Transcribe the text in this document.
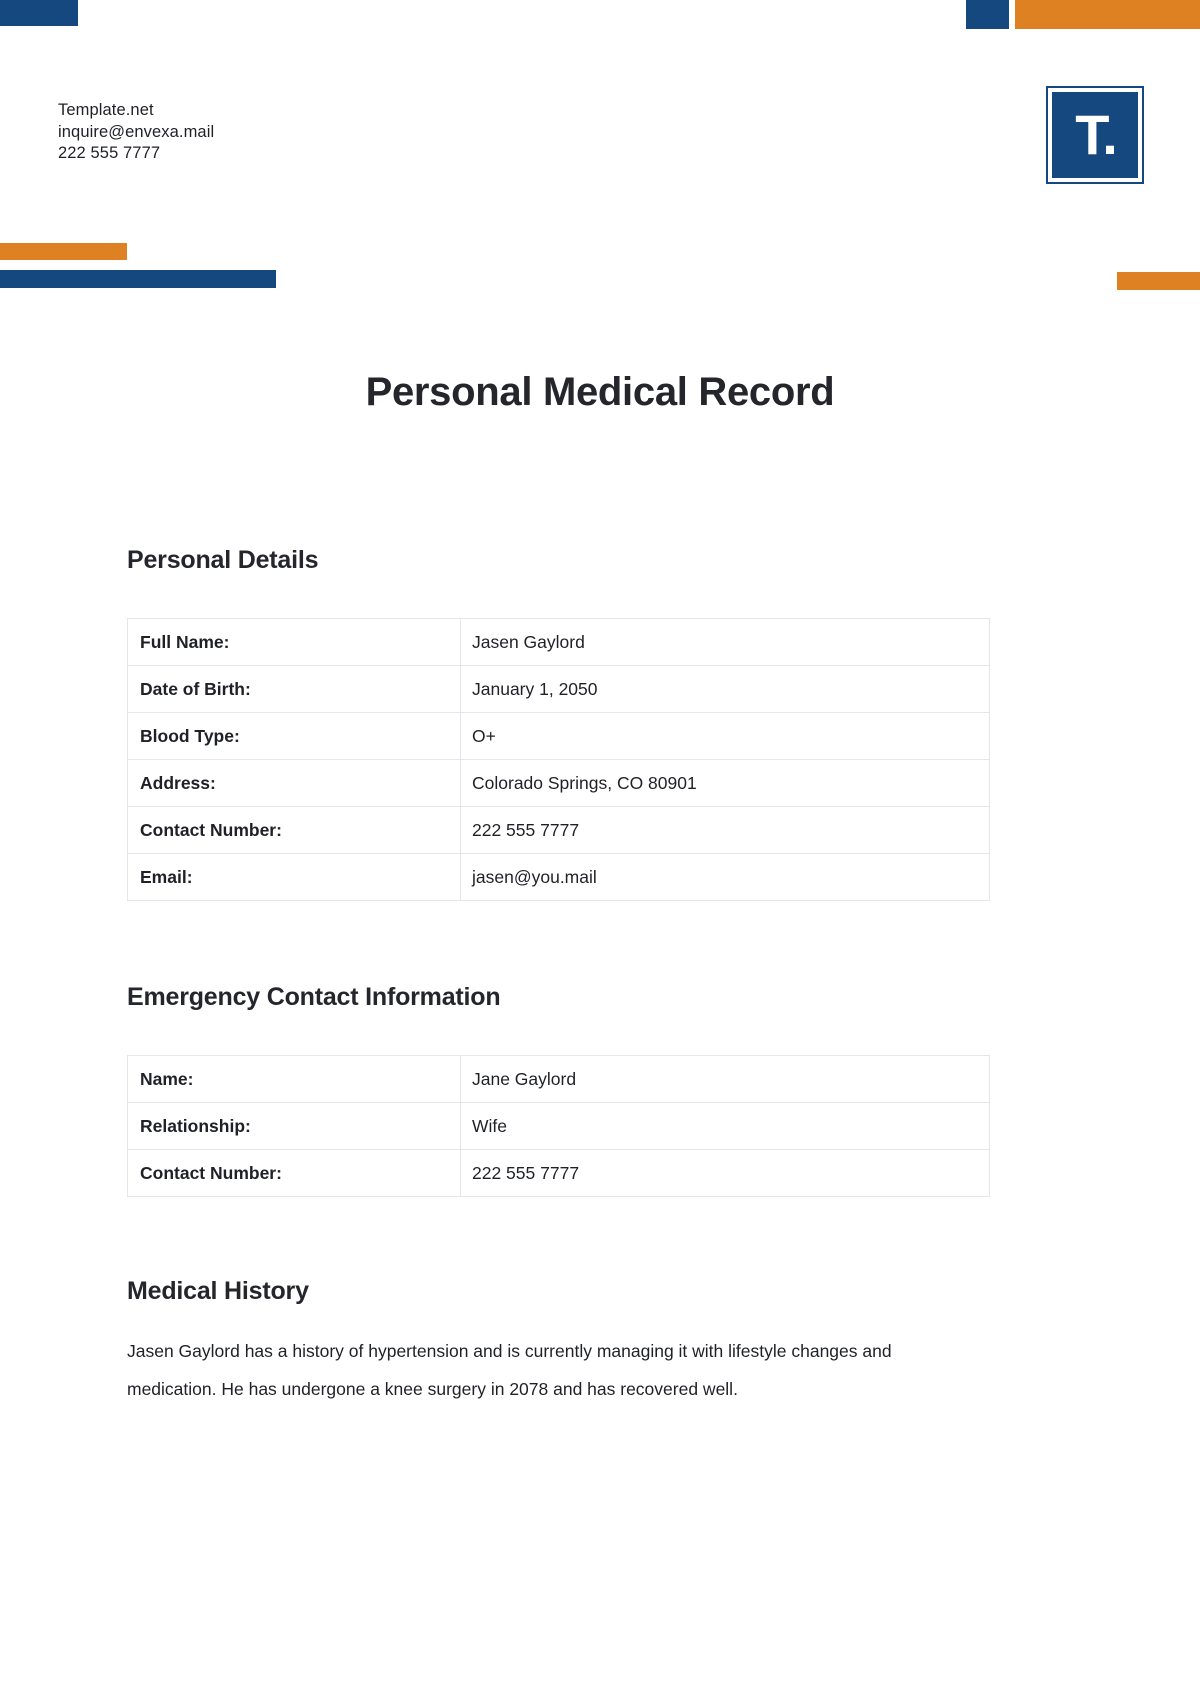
Template.net
inquire@envexa.mail
222 555 7777	T.
Personal Medical Record
Personal Details
Full Name:	Jasen Gaylord
Date of Birth:	January 1, 2050
Blood Type:	O+
Address:	Colorado Springs, CO 80901
Contact Number:	222 555 7777
Email:	jasen@you.mail
Emergency Contact Information
Name:	Jane Gaylord
Relationship:	Wife
Contact Number:	222 555 7777
Medical History

Jasen Gaylord has a history of hypertension and is currently managing it with lifestyle changes and medication. He has undergone a knee surgery in 2078 and has recovered well.
